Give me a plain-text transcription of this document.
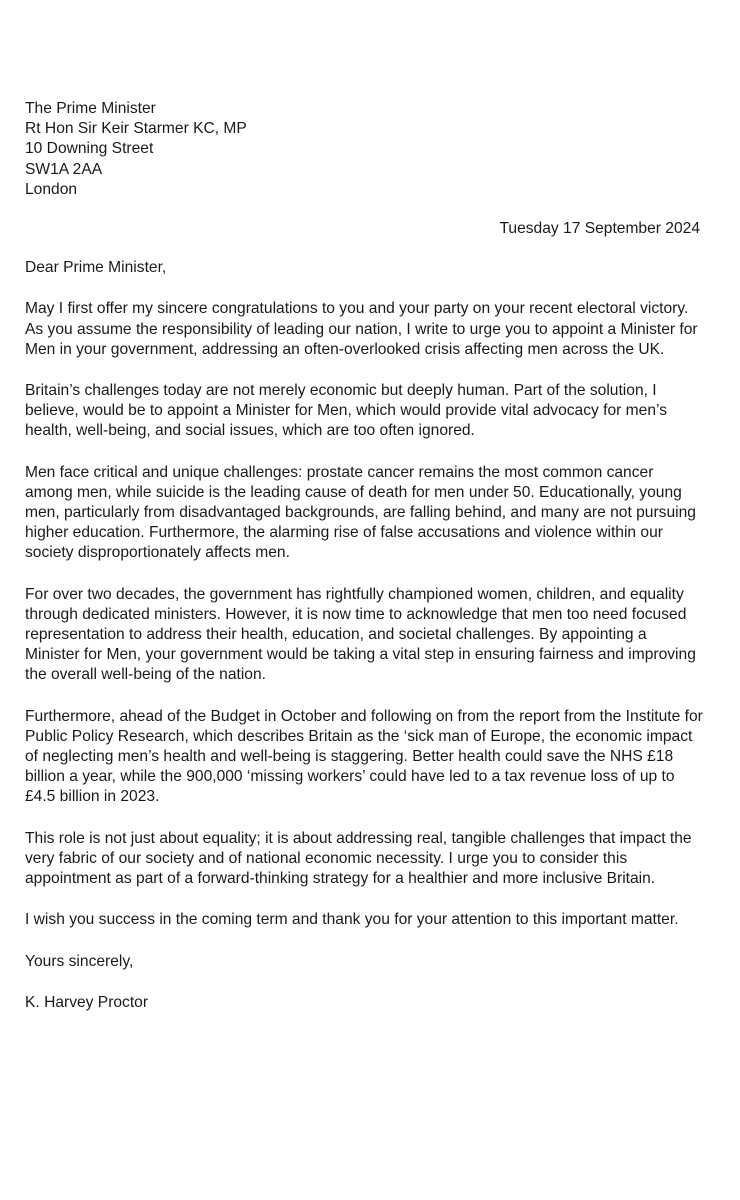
The Prime Minister
Rt Hon Sir Keir Starmer KC, MP
10 Downing Street
SW1A 2AA
London
Tuesday 17 September 2024
Dear Prime Minister,

May I first offer my sincere congratulations to you and your party on your recent electoral victory. As you assume the responsibility of leading our nation, I write to urge you to appoint a Minister for Men in your government, addressing an often-overlooked crisis affecting men across the UK.

Britain’s challenges today are not merely economic but deeply human. Part of the solution, I believe, would be to appoint a Minister for Men, which would provide vital advocacy for men’s health, well-being, and social issues, which are too often ignored.

Men face critical and unique challenges: prostate cancer remains the most common cancer among men, while suicide is the leading cause of death for men under 50. Educationally, young men, particularly from disadvantaged backgrounds, are falling behind, and many are not pursuing higher education. Furthermore, the alarming rise of false accusations and violence within our society disproportionately affects men.

For over two decades, the government has rightfully championed women, children, and equality through dedicated ministers. However, it is now time to acknowledge that men too need focused representation to address their health, education, and societal challenges. By appointing a Minister for Men, your government would be taking a vital step in ensuring fairness and improving the overall well-being of the nation.

Furthermore, ahead of the Budget in October and following on from the report from the Institute for Public Policy Research, which describes Britain as the ‘sick man of Europe, the economic impact of neglecting men’s health and well-being is staggering. Better health could save the NHS £18 billion a year, while the 900,000 ‘missing workers’ could have led to a tax revenue loss of up to £4.5 billion in 2023.

This role is not just about equality; it is about addressing real, tangible challenges that impact the very fabric of our society and of national economic necessity. I urge you to consider this appointment as part of a forward-thinking strategy for a healthier and more inclusive Britain.

I wish you success in the coming term and thank you for your attention to this important matter.

Yours sincerely,
K. Harvey Proctor
